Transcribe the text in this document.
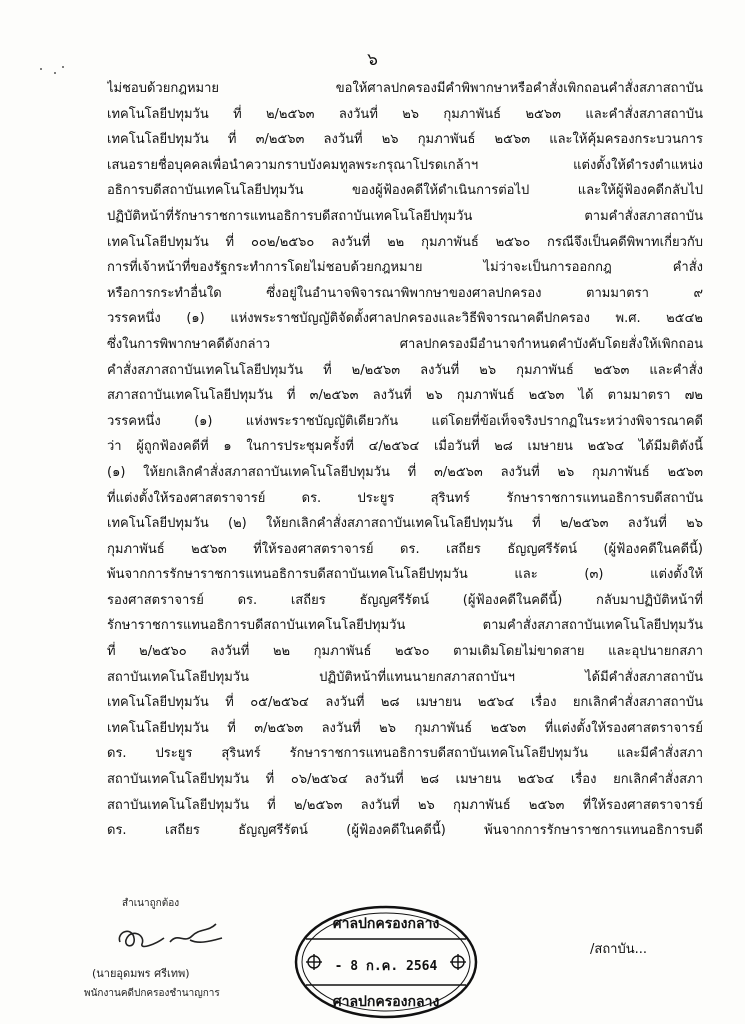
๖
ไม่ชอบด้วยกฎหมาย ขอให้ศาลปกครองมีคำพิพากษาหรือคำสั่งเพิกถอนคำสั่งสภาสถาบัน
เทคโนโลยีปทุมวัน ที่ ๒/๒๕๖๓ ลงวันที่ ๒๖ กุมภาพันธ์ ๒๕๖๓ และคำสั่งสภาสถาบัน
เทคโนโลยีปทุมวัน ที่ ๓/๒๕๖๓ ลงวันที่ ๒๖ กุมภาพันธ์ ๒๕๖๓ และให้คุ้มครองกระบวนการ
เสนอรายชื่อบุคคลเพื่อนำความกราบบังคมทูลพระกรุณาโปรดเกล้าฯ แต่งตั้งให้ดำรงตำแหน่ง
อธิการบดีสถาบันเทคโนโลยีปทุมวัน ของผู้ฟ้องคดีให้ดำเนินการต่อไป และให้ผู้ฟ้องคดีกลับไป
ปฏิบัติหน้าที่รักษาราชการแทนอธิการบดีสถาบันเทคโนโลยีปทุมวัน ตามคำสั่งสภาสถาบัน
เทคโนโลยีปทุมวัน ที่ ๐๐๒/๒๕๖๐ ลงวันที่ ๒๒ กุมภาพันธ์ ๒๕๖๐ กรณีจึงเป็นคดีพิพาทเกี่ยวกับ
การที่เจ้าหน้าที่ของรัฐกระทำการโดยไม่ชอบด้วยกฎหมาย ไม่ว่าจะเป็นการออกกฎ คำสั่ง
หรือการกระทำอื่นใด ซึ่งอยู่ในอำนาจพิจารณาพิพากษาของศาลปกครอง ตามมาตรา ๙
วรรคหนึ่ง (๑) แห่งพระราชบัญญัติจัดตั้งศาลปกครองและวิธีพิจารณาคดีปกครอง พ.ศ. ๒๕๔๒
ซึ่งในการพิพากษาคดีดังกล่าว ศาลปกครองมีอำนาจกำหนดคำบังคับโดยสั่งให้เพิกถอน
คำสั่งสภาสถาบันเทคโนโลยีปทุมวัน ที่ ๒/๒๕๖๓ ลงวันที่ ๒๖ กุมภาพันธ์ ๒๕๖๓ และคำสั่ง
สภาสถาบันเทคโนโลยีปทุมวัน ที่ ๓/๒๕๖๓ ลงวันที่ ๒๖ กุมภาพันธ์ ๒๕๖๓ ได้ ตามมาตรา ๗๒
วรรคหนึ่ง (๑) แห่งพระราชบัญญัติเดียวกัน แต่โดยที่ข้อเท็จจริงปรากฏในระหว่างพิจารณาคดี
ว่า ผู้ถูกฟ้องคดีที่ ๑ ในการประชุมครั้งที่ ๔/๒๕๖๔ เมื่อวันที่ ๒๘ เมษายน ๒๕๖๔ ได้มีมติดังนี้
(๑) ให้ยกเลิกคำสั่งสภาสถาบันเทคโนโลยีปทุมวัน ที่ ๓/๒๕๖๓ ลงวันที่ ๒๖ กุมภาพันธ์ ๒๕๖๓
ที่แต่งตั้งให้รองศาสตราจารย์ ดร. ประยูร สุรินทร์ รักษาราชการแทนอธิการบดีสถาบัน
เทคโนโลยีปทุมวัน (๒) ให้ยกเลิกคำสั่งสภาสถาบันเทคโนโลยีปทุมวัน ที่ ๒/๒๕๖๓ ลงวันที่ ๒๖
กุมภาพันธ์ ๒๕๖๓ ที่ให้รองศาสตราจารย์ ดร. เสถียร ธัญญศรีรัตน์ (ผู้ฟ้องคดีในคดีนี้)
พ้นจากการรักษาราชการแทนอธิการบดีสถาบันเทคโนโลยีปทุมวัน และ (๓) แต่งตั้งให้
รองศาสตราจารย์ ดร. เสถียร ธัญญศรีรัตน์ (ผู้ฟ้องคดีในคดีนี้) กลับมาปฏิบัติหน้าที่
รักษาราชการแทนอธิการบดีสถาบันเทคโนโลยีปทุมวัน ตามคำสั่งสภาสถาบันเทคโนโลยีปทุมวัน
ที่ ๒/๒๕๖๐ ลงวันที่ ๒๒ กุมภาพันธ์ ๒๕๖๐ ตามเดิมโดยไม่ขาดสาย และอุปนายกสภา
สถาบันเทคโนโลยีปทุมวัน ปฏิบัติหน้าที่แทนนายกสภาสถาบันฯ ได้มีคำสั่งสภาสถาบัน
เทคโนโลยีปทุมวัน ที่ ๐๕/๒๕๖๔ ลงวันที่ ๒๘ เมษายน ๒๕๖๔ เรื่อง ยกเลิกคำสั่งสภาสถาบัน
เทคโนโลยีปทุมวัน ที่ ๓/๒๕๖๓ ลงวันที่ ๒๖ กุมภาพันธ์ ๒๕๖๓ ที่แต่งตั้งให้รองศาสตราจารย์
ดร. ประยูร สุรินทร์ รักษาราชการแทนอธิการบดีสถาบันเทคโนโลยีปทุมวัน และมีคำสั่งสภา
สถาบันเทคโนโลยีปทุมวัน ที่ ๐๖/๒๕๖๔ ลงวันที่ ๒๘ เมษายน ๒๕๖๔ เรื่อง ยกเลิกคำสั่งสภา
สถาบันเทคโนโลยีปทุมวัน ที่ ๒/๒๕๖๓ ลงวันที่ ๒๖ กุมภาพันธ์ ๒๕๖๓ ที่ให้รองศาสตราจารย์
ดร. เสถียร ธัญญศรีรัตน์ (ผู้ฟ้องคดีในคดีนี้) พ้นจากการรักษาราชการแทนอธิการบดี
สำเนาถูกต้อง
(นายอุดมพร ศรีเทพ)
พนักงานคดีปกครองชำนาญการ
ศาลปกครองกลาง
- 8 ก.ค. 2564
ศาลปกครองกลาง
/สถาบัน...
